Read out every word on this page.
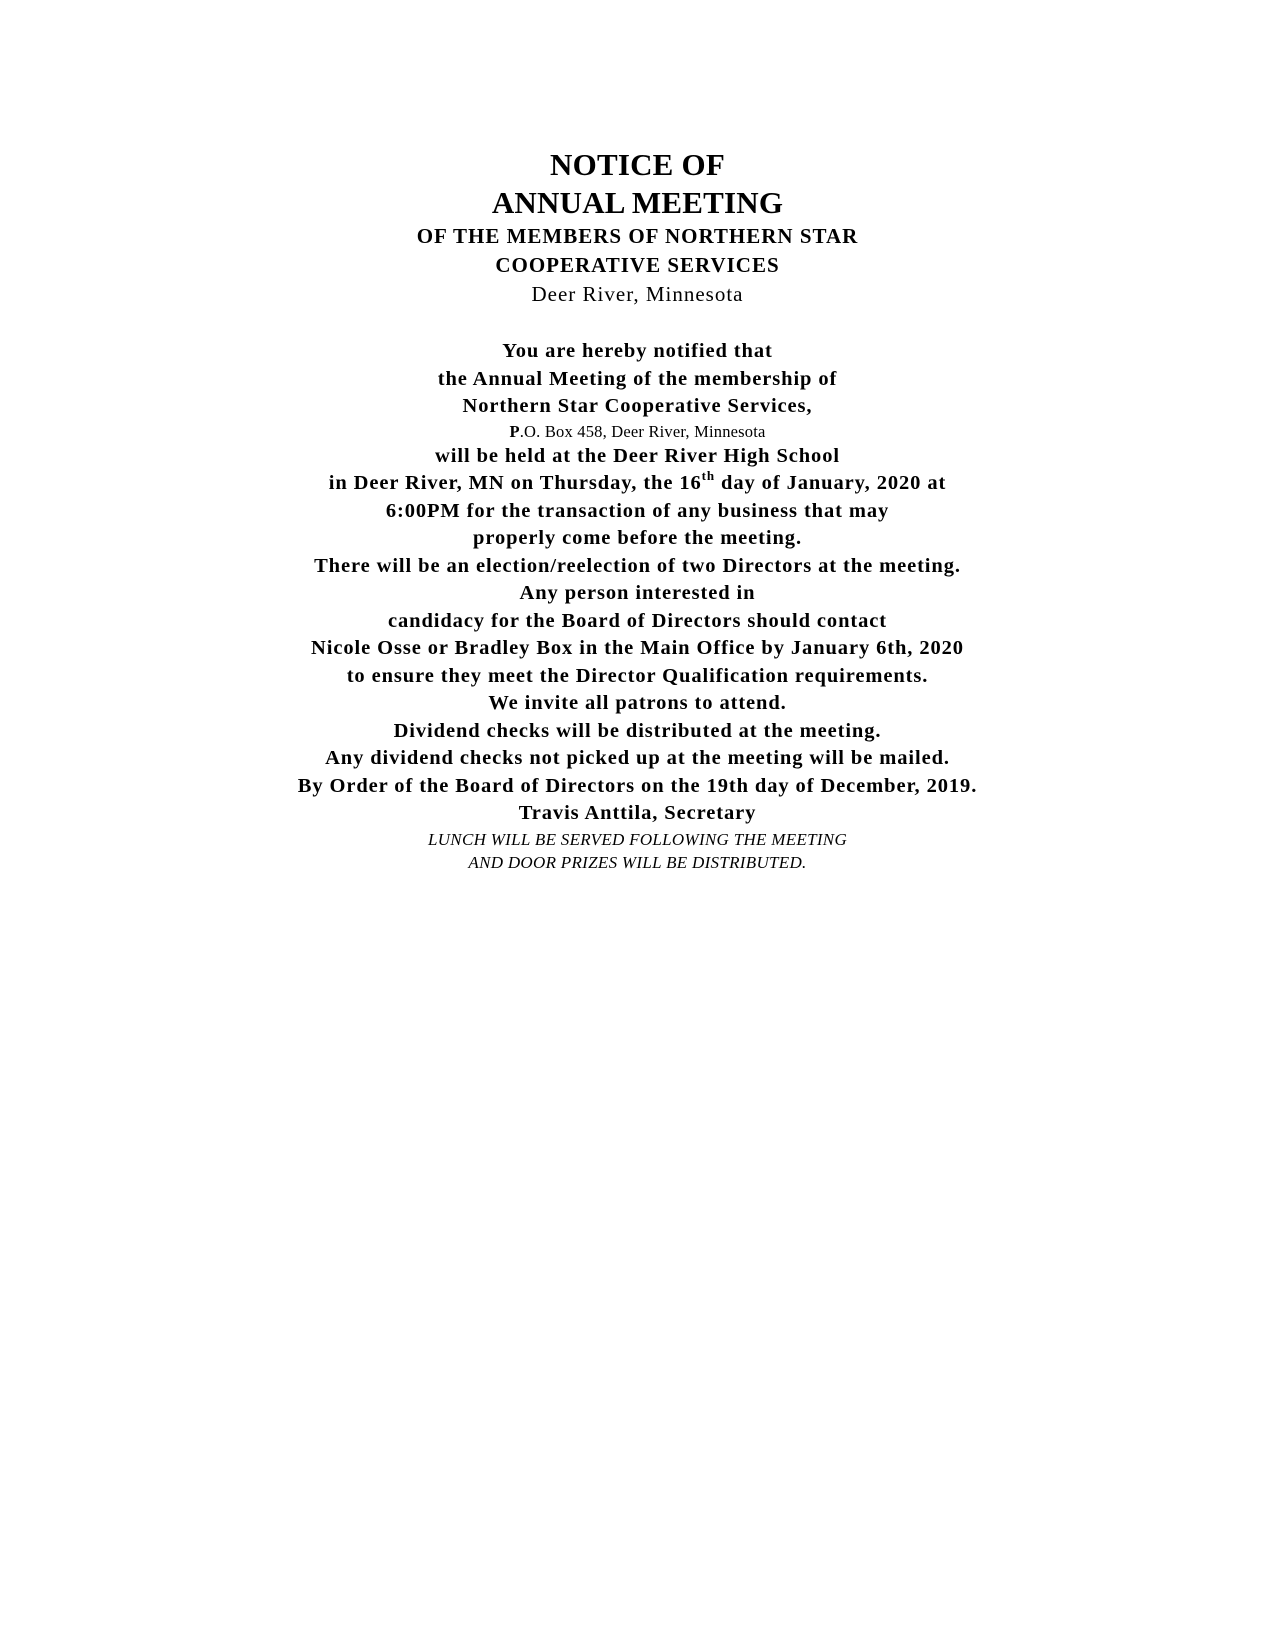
NOTICE OF
ANNUAL MEETING
OF THE MEMBERS OF NORTHERN STAR
COOPERATIVE SERVICES
Deer River, Minnesota
You are hereby notified that
the Annual Meeting of the membership of
Northern Star Cooperative Services,
P.O. Box 458, Deer River, Minnesota
will be held at the Deer River High School
in Deer River, MN on Thursday, the 16th day of January, 2020 at
6:00PM for the transaction of any business that may
properly come before the meeting.
There will be an election/reelection of two Directors at the meeting.
Any person interested in
candidacy for the Board of Directors should contact
Nicole Osse or Bradley Box in the Main Office by January 6th, 2020
to ensure they meet the Director Qualification requirements.
We invite all patrons to attend.
Dividend checks will be distributed at the meeting.
Any dividend checks not picked up at the meeting will be mailed.
By Order of the Board of Directors on the 19th day of December, 2019.
Travis Anttila, Secretary
LUNCH WILL BE SERVED FOLLOWING THE MEETING
AND DOOR PRIZES WILL BE DISTRIBUTED.
